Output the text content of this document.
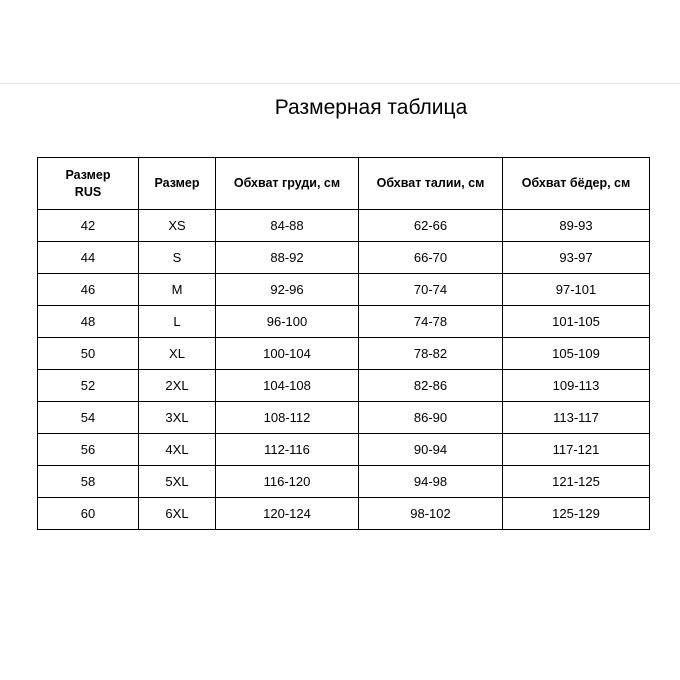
Размерная таблица
Размер
RUS	Размер	Обхват груди, см	Обхват талии, см	Обхват бёдер, см
42	XS	84-88	62-66	89-93
44	S	88-92	66-70	93-97
46	M	92-96	70-74	97-101
48	L	96-100	74-78	101-105
50	XL	100-104	78-82	105-109
52	2XL	104-108	82-86	109-113
54	3XL	108-112	86-90	113-117
56	4XL	112-116	90-94	117-121
58	5XL	116-120	94-98	121-125
60	6XL	120-124	98-102	125-129
